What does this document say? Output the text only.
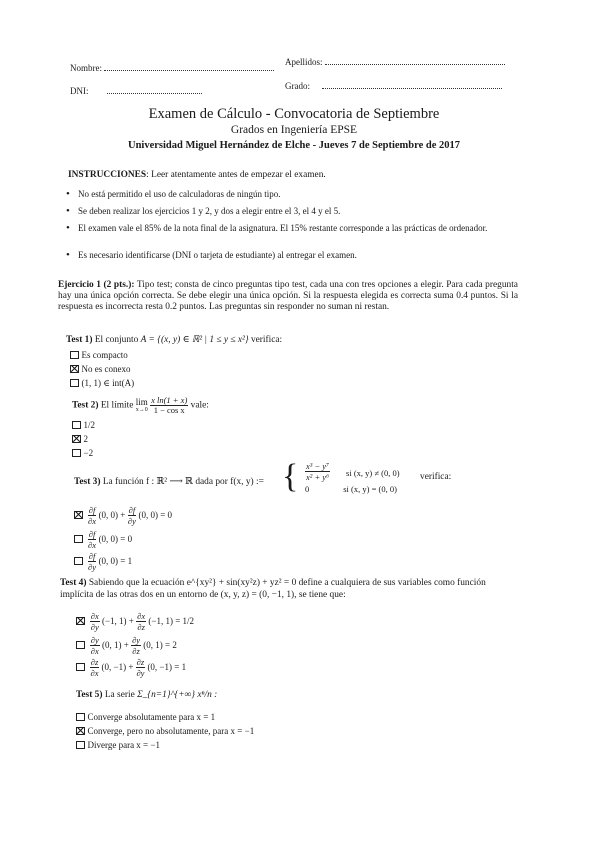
Nombre:
Apellidos:
DNI:	Grado:
Examen de Cálculo - Convocatoria de Septiembre
Grados en Ingeniería EPSE
Universidad Miguel Hernández de Elche - Jueves 7 de Septiembre de 2017
INSTRUCCIONES: Leer atentamente antes de empezar el examen.
• No está permitido el uso de calculadoras de ningún tipo.
• Se deben realizar los ejercicios 1 y 2, y dos a elegir entre el 3, el 4 y el 5.
• El examen vale el 85% de la nota final de la asignatura. El 15% restante corresponde a las prácticas de ordenador.
• Es necesario identificarse (DNI o tarjeta de estudiante) al entregar el examen.
Ejercicio 1 (2 pts.): Tipo test; consta de cinco preguntas tipo test, cada una con tres opciones a elegir. Para cada pregunta hay una única opción correcta. Se debe elegir una única opción. Si la respuesta elegida es correcta suma 0.4 puntos. Si la respuesta es incorrecta resta 0.2 puntos. Las preguntas sin responder no suman ni restan.
Test 1) El conjunto A = {(x, y) ∈ ℝ² | 1 ≤ y ≤ x²} verifica:
Es compacto
No es conexo
(1, 1) ∈ int(A)
Test 2) El límite lim
x→0
$\frac{\text{x ln(1 + x)}}{\text{1 − cos x}}$ vale:
1/2
2
−2
Test 3) La función f : ℝ² ⟶ ℝ dada por f(x, y) := { $\frac{\text{x³ − y⁷}}{\text{x² + y⁶}}$ si (x, y) ≠ (0, 0)
0	si (x, y) = (0, 0)
verifica:

$\frac{\partial f}{\partial x} (0$, $0) + \frac{\partial f}{\partial y} (0$, 0) = 0

$\frac{\partial f}{\partial x} (0$, 0) = 0

$\frac{\partial f}{\partial y} (0$, 0) = 1
Test 4) Sabiendo que la ecuación e^{xy²} + sin(xy²z) + yz² = 0 define a cualquiera de sus variables como función implícita de las otras dos en un entorno de (x, y, z) = (0, −1, 1), se tiene que:

$\frac{\partial x}{\partial y} (-1$, $1) + \frac{\partial x}{\partial z} (-1$, 1) = 1/2

$\frac{\partial y}{\partial x} (0$, $1) + \frac{\partial y}{\partial z} (0$, 1) = 2

$\frac{\partial z}{\partial x} (0$, $-1) + \frac{\partial z}{\partial y} (0$, −1) = 1
Test 5) La serie Σ_{n=1}^{+∞} xⁿ/n :
Converge absolutamente para x = 1
Converge, pero no absolutamente, para x = −1
Diverge para x = −1
